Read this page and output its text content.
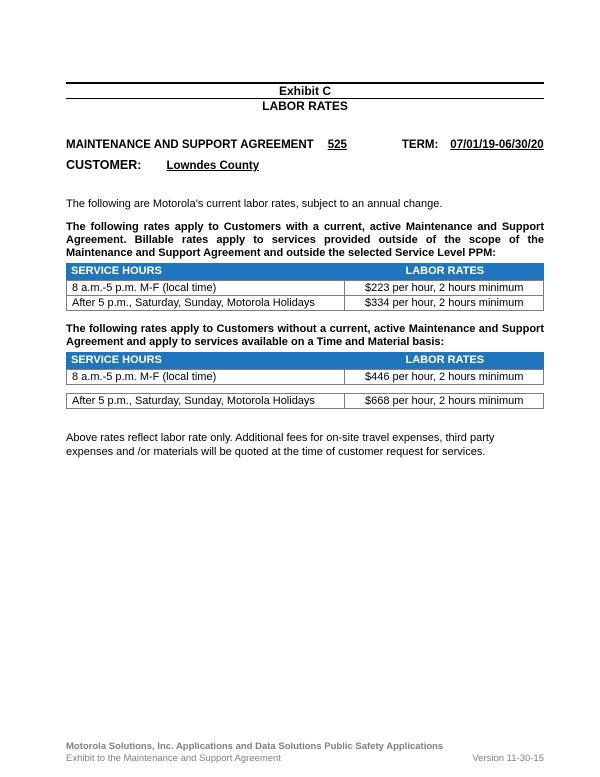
Exhibit C
LABOR RATES
MAINTENANCE AND SUPPORT AGREEMENT 525	TERM: 07/01/19-06/30/20
CUSTOMER: Lowndes County
The following are Motorola’s current labor rates, subject to an annual change.
The following rates apply to Customers with a current, active Maintenance and Support Agreement. Billable rates apply to services provided outside of the scope of the Maintenance and Support Agreement and outside the selected Service Level PPM:
SERVICE HOURS	LABOR RATES
8 a.m.-5 p.m. M-F (local time)	$223 per hour, 2 hours minimum
After 5 p.m., Saturday, Sunday, Motorola Holidays	$334 per hour, 2 hours minimum
The following rates apply to Customers without a current, active Maintenance and Support Agreement and apply to services available on a Time and Material basis:
SERVICE HOURS	LABOR RATES
8 a.m.-5 p.m. M-F (local time)	$446 per hour, 2 hours minimum
After 5 p.m., Saturday, Sunday, Motorola Holidays	$668 per hour, 2 hours minimum
Above rates reflect labor rate only. Additional fees for on-site travel expenses, third party expenses and /or materials will be quoted at the time of customer request for services.
Motorola Solutions, Inc. Applications and Data Solutions Public Safety Applications
Exhibit to the Maintenance and Support Agreement	Version 11-30-15
